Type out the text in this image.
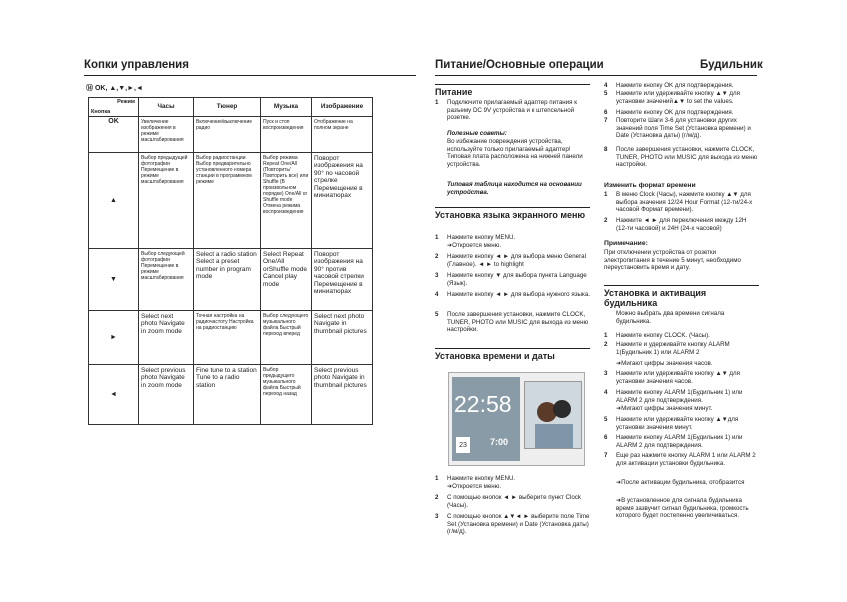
Копки управления
⑭ OK, ▲,▼,►,◄
Режим
Кнопка	Часы	Тюнер	Музыка	Изображение
OK	Увеличение изображения в режиме масштабирования	Включение/выключение радио	Пуск и стоп воспроизведения	Отображение на полном экране
▲	Выбор предыдущей фотографии Перемещение в режиме масштабирования	Выбор радиостанции Выбор предварительно установленного номера станции в программном режиме	Выбор режима Repeat One/All (Повторить/Повторить все) или Shuffle (В произвольном порядке) One/All or Shuffle mode Отмена режима воспроизведения	Поворот изображения на 90° по часовой стрелке Перемещение в миниатюрах
▼	Выбор следующей фотографии Перемещение в режиме масштабирования	Select a radio station Select a preset number in program mode	Select Repeat One/All orShuffle mode Cancel play mode	Поворот изображения на 90° против часовой стрелки Перемещение в миниатюрах
►	Select next photo Navigate in zoom mode	Точная настройка на радиочастоту Настройка на радиостанцию	Выбор следующего музыкального файла Быстрый переход вперед	Select next photo Navigate in thumbnail pictures
◄	Select previous photo Navigate in zoom mode	Fine tune to a station Tune to a radio station	Выбор предыдущего музыкального файла Быстрый переход назад	Select previous photo Navigate in thumbnail pictures
Питание/Основные операции	Будильник
Питание
1 Подключите прилагаемый адаптер питания к разъему DC 9V устройства и к штепсельной розетке.
Полезные советы:
Во избежание повреждения устройства, используйте только прилагаемый адаптер! Типовая плата расположена на нижней панели устройства.
Типовая таблица находится на основании устройства.
Установка языка экранного меню
1 Нажмите кнопку MENU.
➜Откроется меню.
2 Нажмите кнопку ◄ ► для выбора меню General (Главное). ◄ ► to highlight
3 Нажмите кнопку ▼ для выбора пункта Language (Язык).
4 Нажмите кнопку ◄ ► для выбора нужного языка.
5 После завершения установки, нажмите CLOCK, TUNER, PHOTO или MUSIC для выхода из меню настройки.
Установка времени и даты
22:58
23	7:00
1 Нажмите кнопку MENU.
➜Откроется меню.
2 С помощью кнопок ◄ ► выберите пункт Clock (Часы).
3 С помощью кнопок ▲▼◄ ► выберите поле Time Set (Установка времени) и Date (Установка даты) (г/м/д).
4 Нажмите кнопку OK для подтверждения.
5 Нажмите или удерживайте кнопку ▲▼ для установки значений▲▼ to set the values.
6 Нажмите кнопку OK для подтверждения.
7 Повторите Шаги 3-6 для установки других значений поля Time Set (Установка времени) и Date (Установка даты) (г/м/д).
8 После завершения установки, нажмите CLOCK, TUNER, PHOTO или MUSIC для выхода из меню настройки.
Изменить формат времени
1 В меню Clock (Часы), нажмите кнопку ▲▼ для выбора значения 12/24 Hour Format (12-ти/24-х часовой Формат времени).
2 Нажмите ◄ ► для переключения между 12Н (12-ти часовой) и 24Н (24-х часовой)
Примечание:
При отключении устройства от розетки электропитания в течение 5 минут, необходимо переустановить время и дату.
Установка и активация будильника
Можно выбрать два времени сигнала будильника.
1 Нажмите кнопку CLOCK. (Часы).
2 Нажмите и удерживайте кнопку ALARM 1(Будильник 1) или ALARM 2
➜Мигают цифры значения часов.
3 Нажмите или удерживайте кнопку ▲▼ для установки значения часов.
4 Нажмите кнопку ALARM 1(Будильник 1) или ALARM 2 для подтверждения.
➜Мигают цифры значения минут.
5 Нажмите или удерживайте кнопку ▲▼для установки значения минут.
6 Нажмите кнопку ALARM 1(Будильник 1) или ALARM 2 для подтверждения.
7 Еще раз нажмите кнопку ALARM 1 или ALARM 2 для активации установки будильника.
➜После активации будильника, отобразится
➜В установленное для сигнала будильника время зазвучит сигнал будильника, громкость которого будет постепенно увеличиваться.
